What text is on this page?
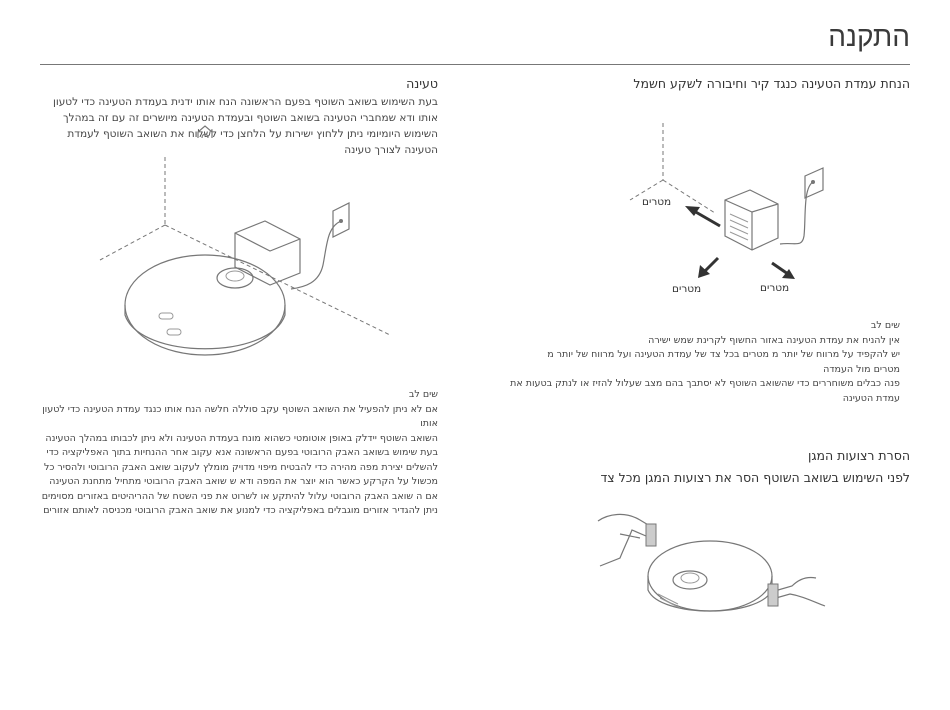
התקנה
הנחת עמדת הטעינה כנגד קיר וחיבורה לשקע חשמל
מטרים
מטרים	מטרים
שים לב
אין להניח את עמדת הטעינה באזור החשוף לקרינת שמש ישירה
יש להקפיד על מרווח של יותר מ מטרים בכל צד של עמדת הטעינה ועל מרווח של יותר מ
מטרים מול העמדה
פנה כבלים משוחררים כדי שהשואב השוטף לא יסתבך בהם מצב שעלול להזיז או לנתק בטעות את
עמדת הטעינה
הסרת רצועות המגן
לפני השימוש בשואב השוטף הסר את רצועות המגן מכל צד
טעינה
בעת השימוש בשואב השוטף בפעם הראשונה הנח אותו ידנית בעמדת הטעינה כדי לטעון
אותו ודא שמחברי הטעינה בשואב השוטף ובעמדת הטעינה מיושרים זה עם זה במהלך
השימוש היומיומי ניתן ללחוץ ישירות על הלחצן כדי לשלוח את השואב השוטף לעמדת
הטעינה לצורך טעינה
שים לב
אם לא ניתן להפעיל את השואב השוטף עקב סוללה חלשה הנח אותו כנגד עמדת הטעינה כדי לטעון
אותו
השואב השוטף יידלק באופן אוטומטי כשהוא מונח בעמדת הטעינה ולא ניתן לכבותו במהלך הטעינה
בעת שימוש בשואב האבק הרובוטי בפעם הראשונה אנא עקוב אחר ההנחיות בתוך האפליקציה כדי
להשלים יצירת מפה מהירה כדי להבטיח מיפוי מדויק מומלץ לעקוב שואב האבק הרובוטי ולהסיר כל
מכשול על הקרקע כאשר הוא יוצר את המפה ודא ש שואב האבק הרובוטי מתחיל מתחנת הטעינה
אם ה שואב האבק הרובוטי עלול להיתקע או לשרוט את פני השטח של ההריהיטים באזורים מסוימים
ניתן להגדיר אזורים מוגבלים באפליקציה כדי למנוע את שואב האבק הרובוטי מכניסה לאותם אזורים
